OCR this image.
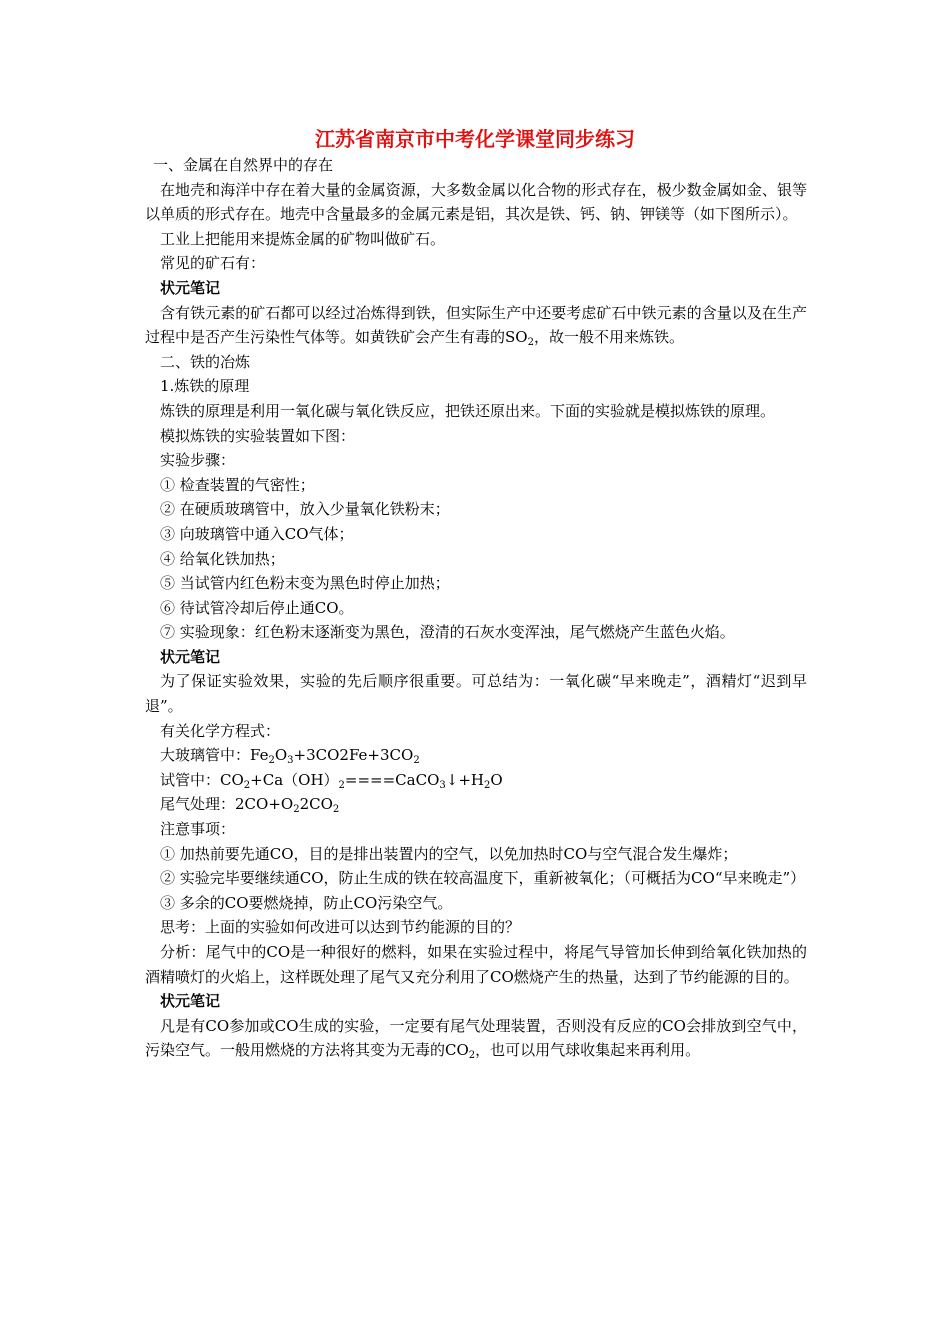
江苏省南京市中考化学课堂同步练习

一、金属在自然界中的存在

在地壳和海洋中存在着大量的金属资源，大多数金属以化合物的形式存在，极少数金属如金、银等以单质的形式存在。地壳中含量最多的金属元素是铝，其次是铁、钙、钠、钾镁等（如下图所示）。

工业上把能用来提炼金属的矿物叫做矿石。

常见的矿石有：

状元笔记

含有铁元素的矿石都可以经过冶炼得到铁，但实际生产中还要考虑矿石中铁元素的含量以及在生产过程中是否产生污染性气体等。如黄铁矿会产生有毒的$SO_2$，故一般不用来炼铁。

二、铁的冶炼

1.炼铁的原理

炼铁的原理是利用一氧化碳与氧化铁反应，把铁还原出来。下面的实验就是模拟炼铁的原理。

模拟炼铁的实验装置如下图：

实验步骤：

① 检查装置的气密性；

② 在硬质玻璃管中，放入少量氧化铁粉末；

③ 向玻璃管中通入CO气体；

④ 给氧化铁加热；

⑤ 当试管内红色粉末变为黑色时停止加热；

⑥ 待试管冷却后停止通CO。

⑦ 实验现象：红色粉末逐渐变为黑色，澄清的石灰水变浑浊，尾气燃烧产生蓝色火焰。

状元笔记

为了保证实验效果，实验的先后顺序很重要。可总结为：一氧化碳“早来晚走”，酒精灯“迟到早退”。

有关化学方程式：

大玻璃管中：$Fe_2O_3+3CO2Fe+3CO_2$

试管中：$CO_2+Ca(OH)_2====CaCO_3↓+H_2O$

尾气处理：$2CO+O_22CO_2$

注意事项：

① 加热前要先通CO，目的是排出装置内的空气，以免加热时CO与空气混合发生爆炸；

② 实验完毕要继续通CO，防止生成的铁在较高温度下，重新被氧化；（可概括为CO“早来晚走”）

③ 多余的CO要燃烧掉，防止CO污染空气。

思考：上面的实验如何改进可以达到节约能源的目的？

分析：尾气中的CO是一种很好的燃料，如果在实验过程中，将尾气导管加长伸到给氧化铁加热的酒精喷灯的火焰上，这样既处理了尾气又充分利用了CO燃烧产生的热量，达到了节约能源的目的。

状元笔记

凡是有CO参加或CO生成的实验，一定要有尾气处理装置，否则没有反应的CO会排放到空气中，污染空气。一般用燃烧的方法将其变为无毒的$CO_2$，也可以用气球收集起来再利用。
